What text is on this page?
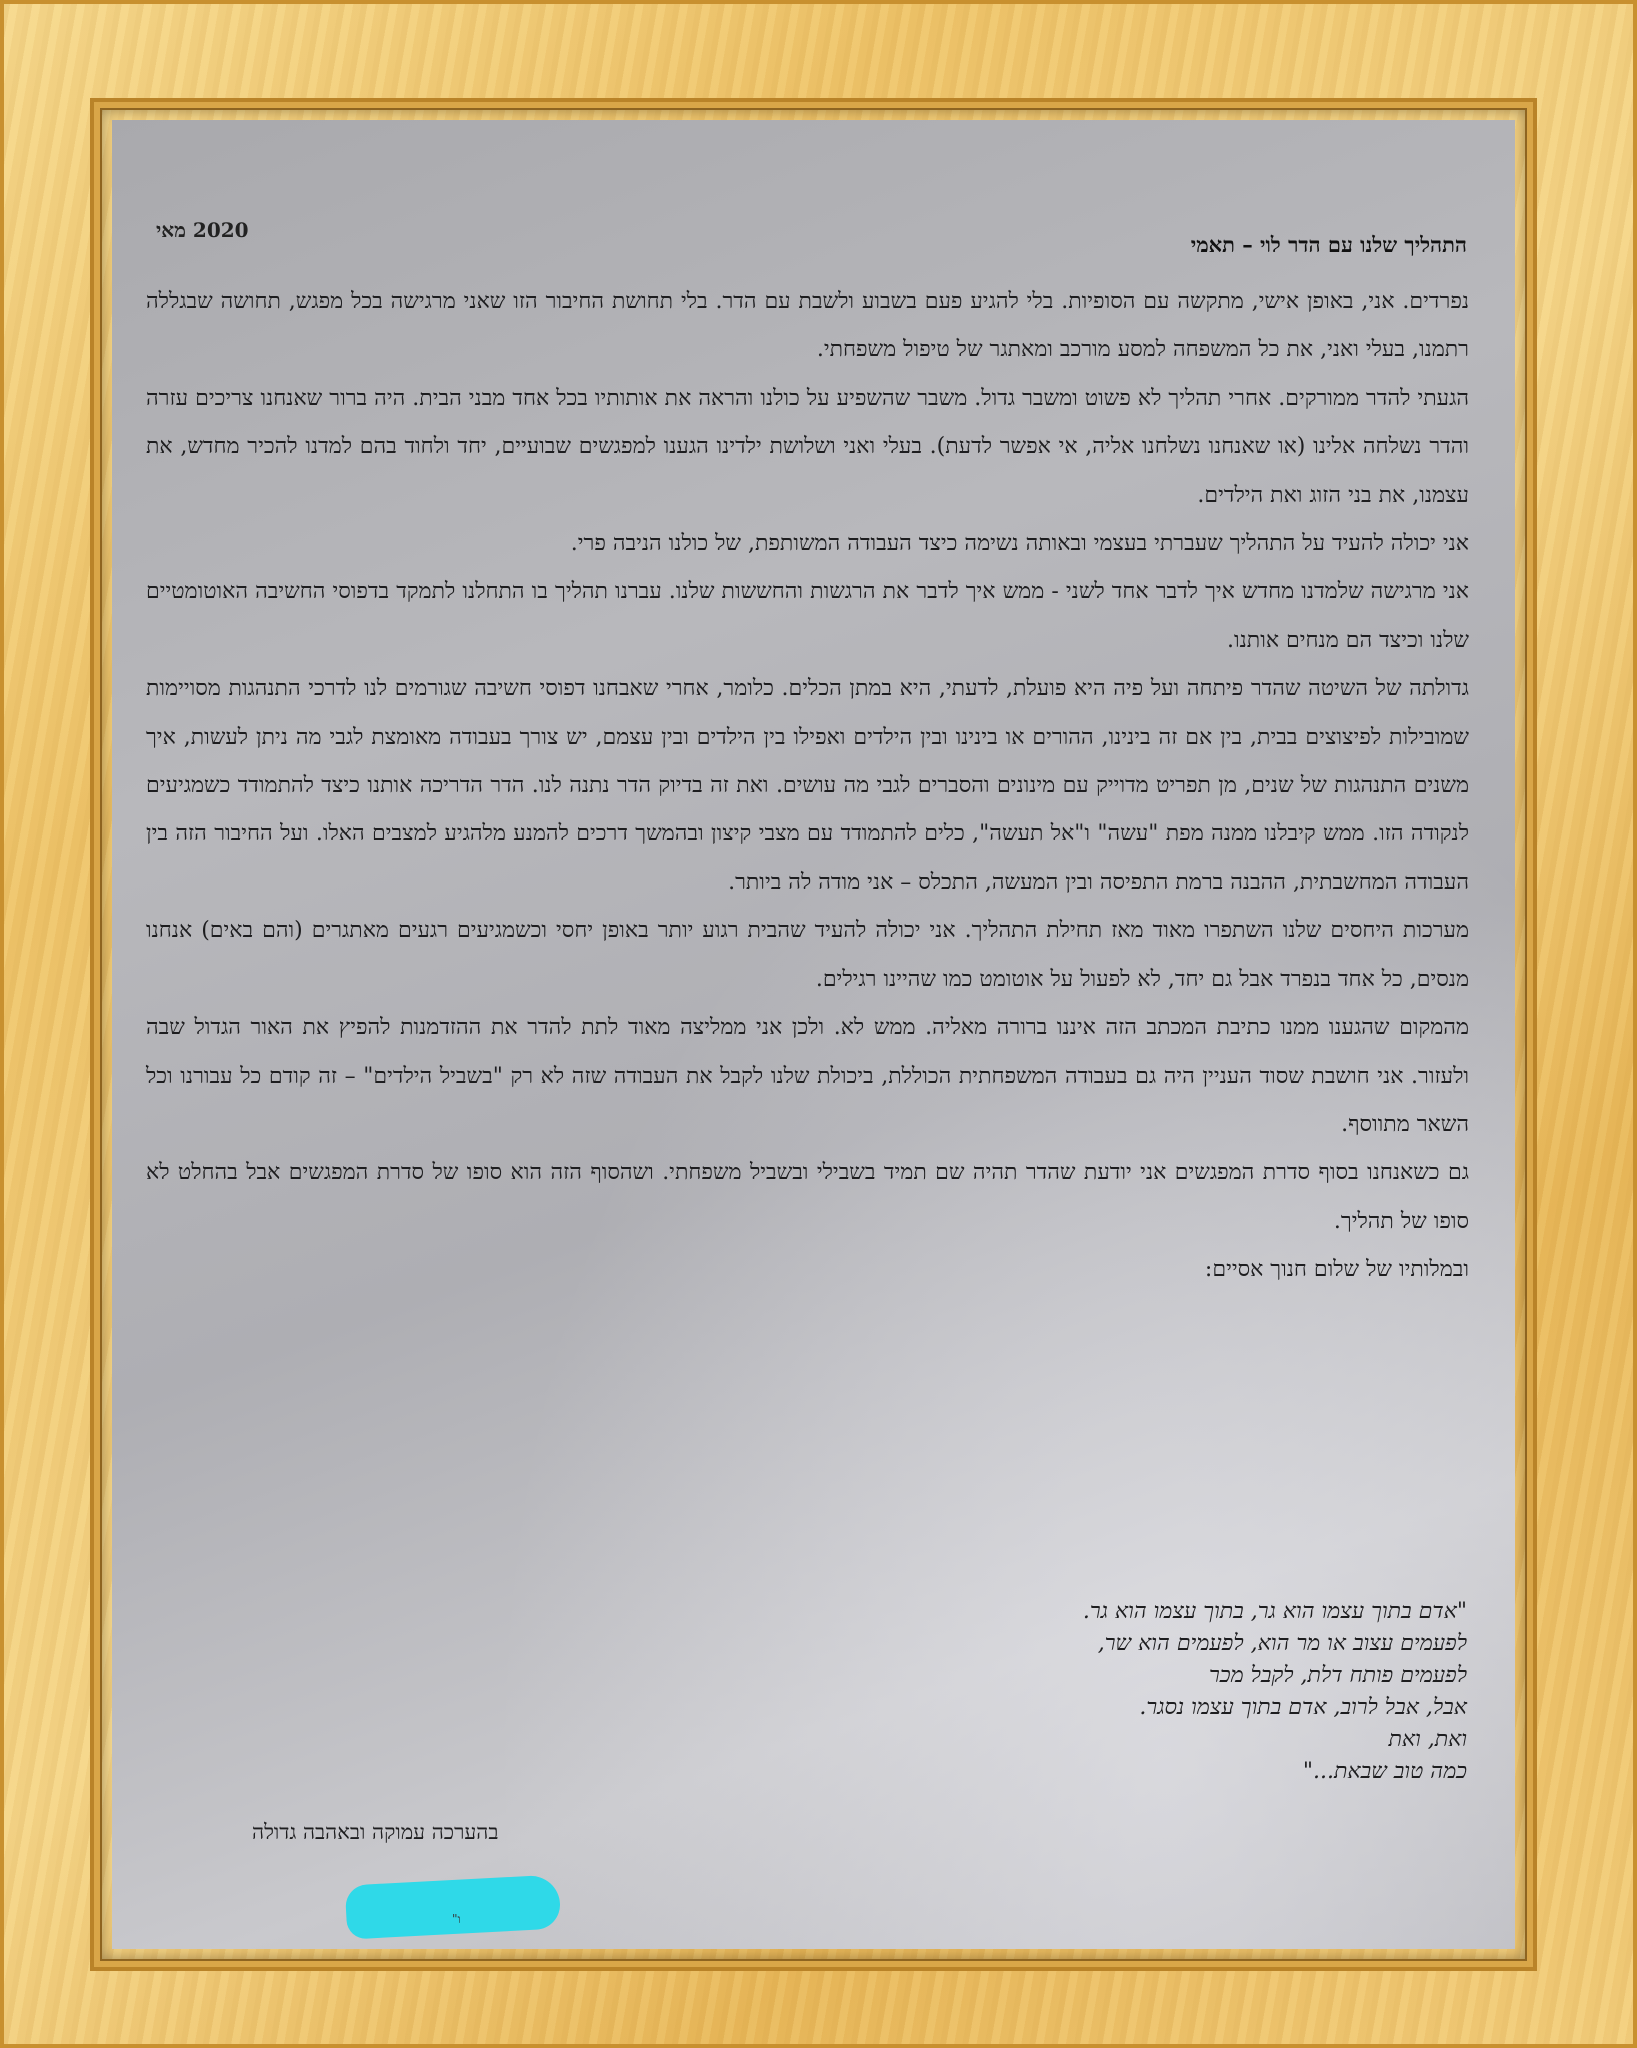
2020 מאי
התהליך שלנו עם הדר לוי – תאמי

נפרדים. אני, באופן אישי, מתקשה עם הסופיות. בלי להגיע פעם בשבוע ולשבת עם הדר. בלי תחושת החיבור הזו שאני מרגישה בכל מפגש, תחושה שבגללה רתמנו, בעלי ואני, את כל המשפחה למסע מורכב ומאתגר של טיפול משפחתי.

הגעתי להדר ממורקים. אחרי תהליך לא פשוט ומשבר גדול. משבר שהשפיע על כולנו והראה את אותותיו בכל אחד מבני הבית. היה ברור שאנחנו צריכים עזרה והדר נשלחה אלינו (או שאנחנו נשלחנו אליה, אי אפשר לדעת). בעלי ואני ושלושת ילדינו הגענו למפגשים שבועיים, יחד ולחוד בהם למדנו להכיר מחדש, את עצמנו, את בני הזוג ואת הילדים.

אני יכולה להעיד על התהליך שעברתי בעצמי ובאותה נשימה כיצד העבודה המשותפת, של כולנו הניבה פרי.

אני מרגישה שלמדנו מחדש איך לדבר אחד לשני - ממש איך לדבר את הרגשות והחששות שלנו. עברנו תהליך בו התחלנו לתמקד בדפוסי החשיבה האוטומטיים שלנו וכיצד הם מנחים אותנו.

גדולתה של השיטה שהדר פיתחה ועל פיה היא פועלת, לדעתי, היא במתן הכלים. כלומר, אחרי שאבחנו דפוסי חשיבה שגורמים לנו לדרכי התנהגות מסויימות שמובילות לפיצוצים בבית, בין אם זה בינינו, ההורים או בינינו ובין הילדים ואפילו בין הילדים ובין עצמם, יש צורך בעבודה מאומצת לגבי מה ניתן לעשות, איך משנים התנהגות של שנים, מן תפריט מדוייק עם מינונים והסברים לגבי מה עושים. ואת זה בדיוק הדר נתנה לנו. הדר הדריכה אותנו כיצד להתמודד כשמגיעים לנקודה הזו. ממש קיבלנו ממנה מפת "עשה" ו"אל תעשה", כלים להתמודד עם מצבי קיצון ובהמשך דרכים להמנע מלהגיע למצבים האלו. ועל החיבור הזה בין העבודה המחשבתית, ההבנה ברמת התפיסה ובין המעשה, התכלס – אני מודה לה ביותר.

מערכות היחסים שלנו השתפרו מאוד מאז תחילת התהליך. אני יכולה להעיד שהבית רגוע יותר באופן יחסי וכשמגיעים רגעים מאתגרים (והם באים) אנחנו מנסים, כל אחד בנפרד אבל גם יחד, לא לפעול על אוטומט כמו שהיינו רגילים.

מהמקום שהגענו ממנו כתיבת המכתב הזה איננו ברורה מאליה. ממש לא. ולכן אני ממליצה מאוד לתת להדר את ההזדמנות להפיץ את האור הגדול שבה ולעזור. אני חושבת שסוד העניין היה גם בעבודה המשפחתית הכוללת, ביכולת שלנו לקבל את העבודה שזה לא רק "בשביל הילדים" – זה קודם כל עבורנו וכל השאר מתווסף.

גם כשאנחנו בסוף סדרת המפגשים אני יודעת שהדר תהיה שם תמיד בשבילי ובשביל משפחתי. ושהסוף הזה הוא סופו של סדרת המפגשים אבל בהחלט לא סופו של תהליך.

ובמלותיו של שלום חנוך אסיים:

"אדם בתוך עצמו הוא גר, בתוך עצמו הוא גר.
לפעמים עצוב או מר הוא, לפעמים הוא שר,
לפעמים פותח דלת, לקבל מכר
אבל, אבל לרוב, אדם בתוך עצמו נסגר.
ואת, ואת
כמה טוב שבאת..."
בהערכה עמוקה ובאהבה גדולה
"ו
